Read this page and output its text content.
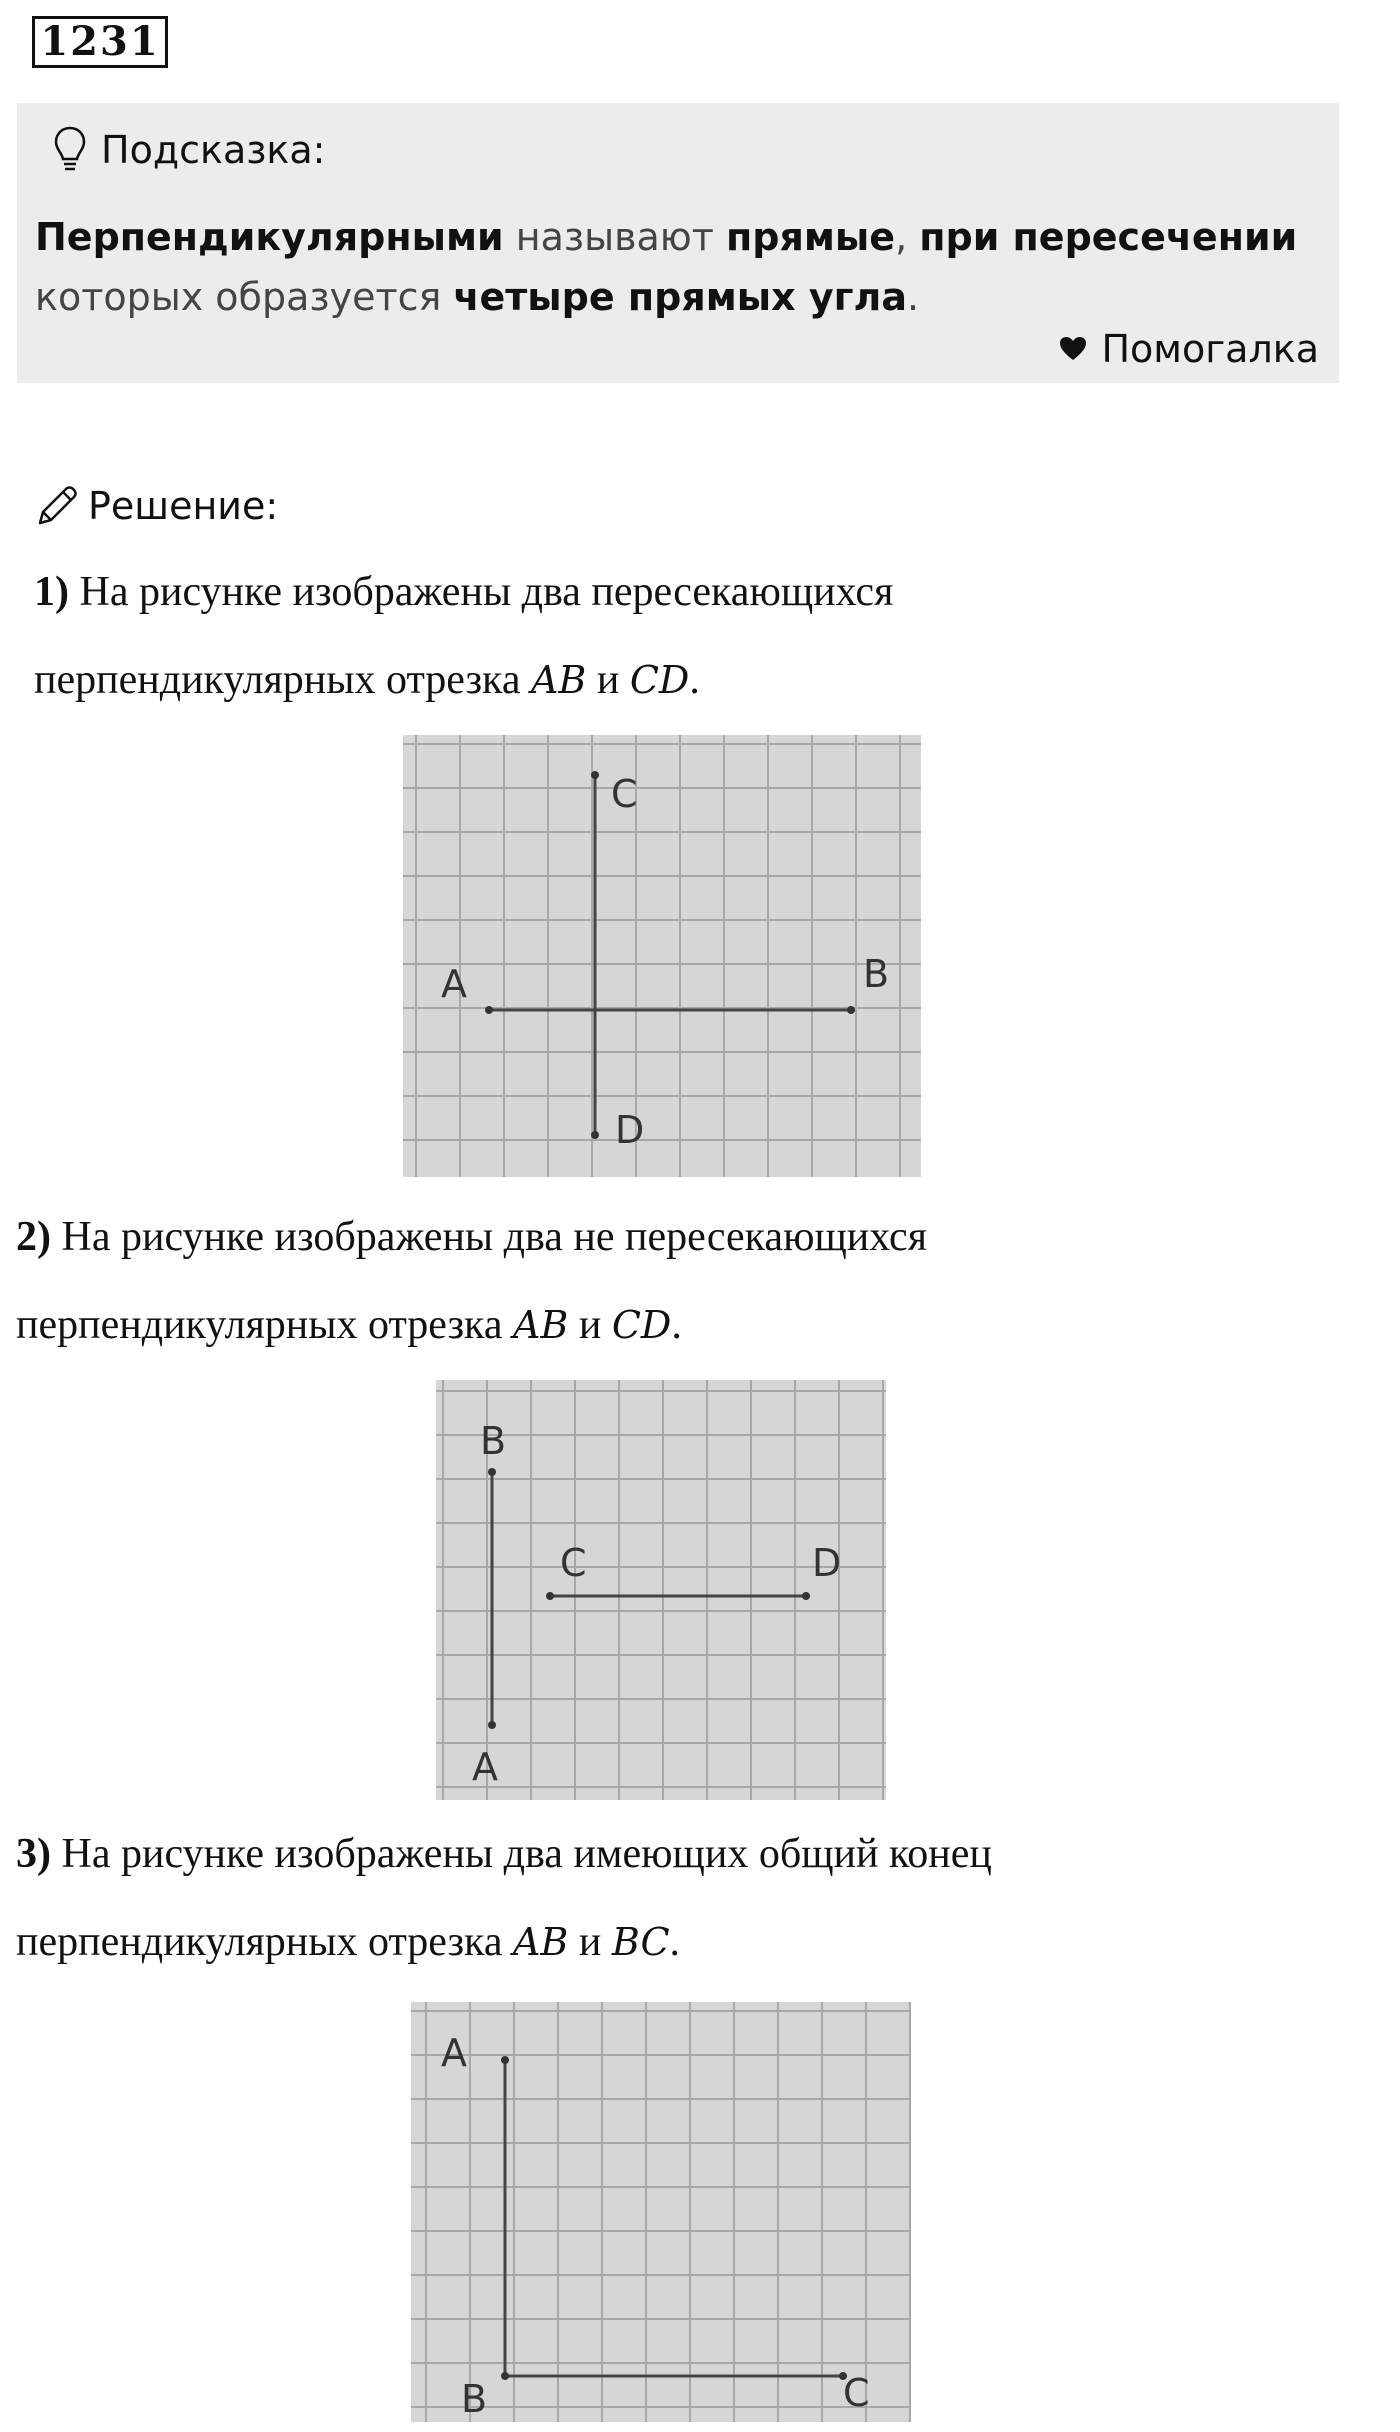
1231
Подсказка:
Перпендикулярными называют прямые, при пересечении которых образуется четыре прямых угла.
Помогалка
Решение:
1) На рисунке изображены два пересекающихся
перпендикулярных отрезка AB и CD.
C
A	B
D
2) На рисунке изображены два не пересекающихся
перпендикулярных отрезка AB и CD.
B
C	D
A
3) На рисунке изображены два имеющих общий конец
перпендикулярных отрезка AB и BC.
A
B	C
